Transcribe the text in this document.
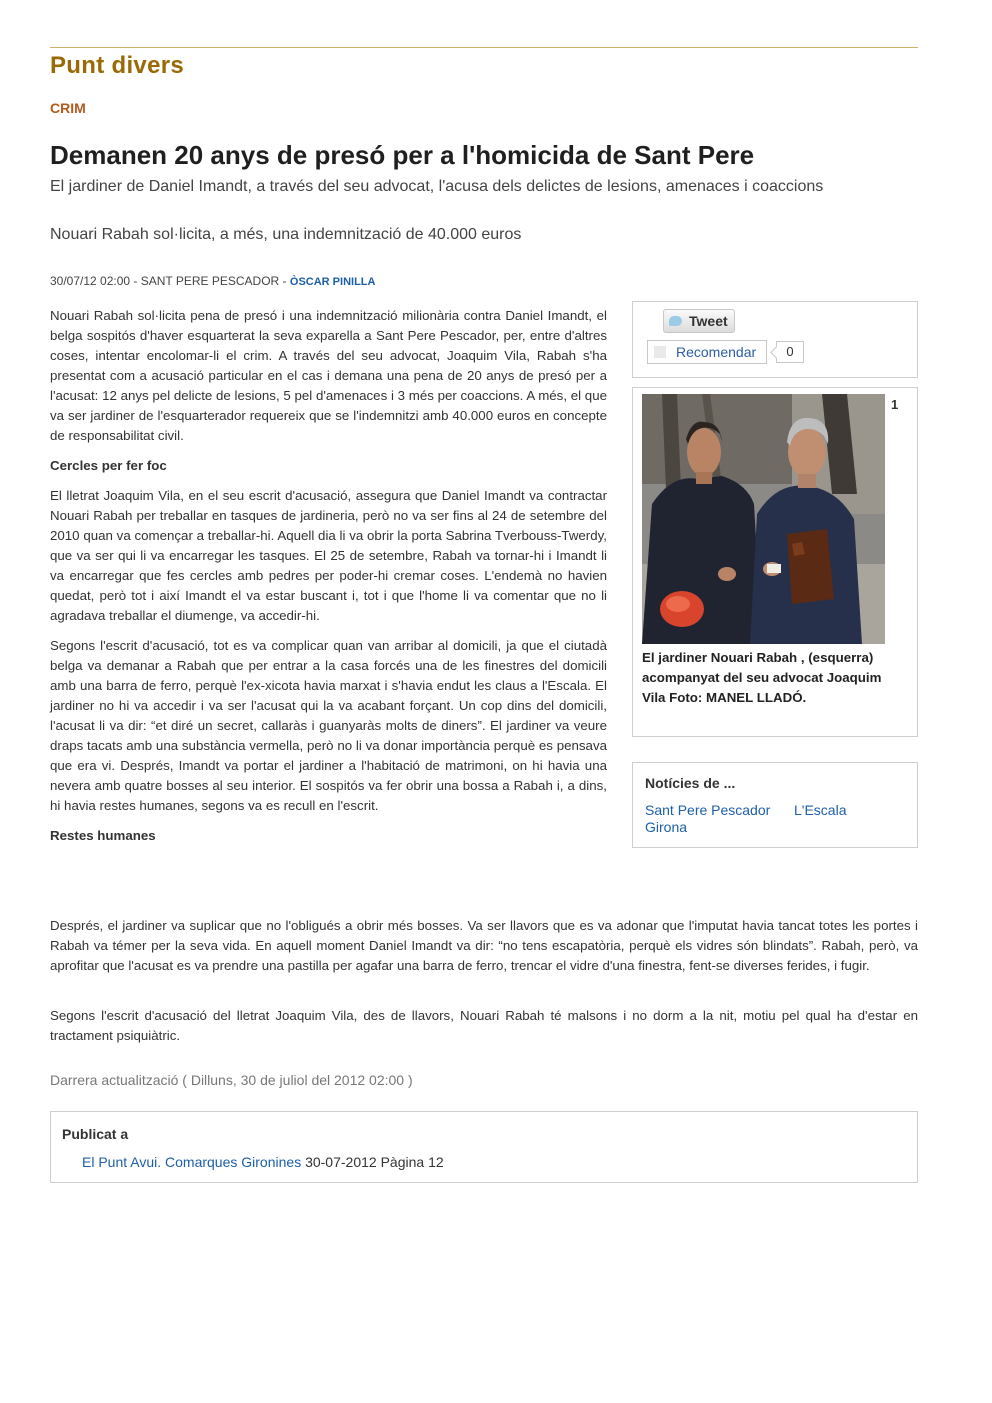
Punt divers
CRIM
Demanen 20 anys de presó per a l'homicida de Sant Pere
El jardiner de Daniel Imandt, a través del seu advocat, l'acusa dels delictes de lesions, amenaces i coaccions
Nouari Rabah sol·licita, a més, una indemnització de 40.000 euros
30/07/12 02:00 - SANT PERE PESCADOR - ÒSCAR PINILLA

Nouari Rabah sol·licita pena de presó i una indemnització milionària contra Daniel Imandt, el belga sospitós d'haver esquarterat la seva exparella a Sant Pere Pescador, per, entre d'altres coses, intentar encolomar-li el crim. A través del seu advocat, Joaquim Vila, Rabah s'ha presentat com a acusació particular en el cas i demana una pena de 20 anys de presó per a l'acusat: 12 anys pel delicte de lesions, 5 pel d'amenaces i 3 més per coaccions. A més, el que va ser jardiner de l'esquarterador requereix que se l'indemnitzi amb 40.000 euros en concepte de responsabilitat civil.

Cercles per fer foc

El lletrat Joaquim Vila, en el seu escrit d'acusació, assegura que Daniel Imandt va contractar Nouari Rabah per treballar en tasques de jardineria, però no va ser fins al 24 de setembre del 2010 quan va començar a treballar-hi. Aquell dia li va obrir la porta Sabrina Tverbouss-Twerdy, que va ser qui li va encarregar les tasques. El 25 de setembre, Rabah va tornar-hi i Imandt li va encarregar que fes cercles amb pedres per poder-hi cremar coses. L'endemà no havien quedat, però tot i així Imandt el va estar buscant i, tot i que l'home li va comentar que no li agradava treballar el diumenge, va accedir-hi.

Segons l'escrit d'acusació, tot es va complicar quan van arribar al domicili, ja que el ciutadà belga va demanar a Rabah que per entrar a la casa forcés una de les finestres del domicili amb una barra de ferro, perquè l'ex-xicota havia marxat i s'havia endut les claus a l'Escala. El jardiner no hi va accedir i va ser l'acusat qui la va acabant forçant. Un cop dins del domicili, l'acusat li va dir: “et diré un secret, callaràs i guanyaràs molts de diners”. El jardiner va veure draps tacats amb una substància vermella, però no li va donar importància perquè es pensava que era vi. Després, Imandt va portar el jardiner a l'habitació de matrimoni, on hi havia una nevera amb quatre bosses al seu interior. El sospitós va fer obrir una bossa a Rabah i, a dins, hi havia restes humanes, segons va es recull en l'escrit.

Restes humanes

Després, el jardiner va suplicar que no l'obligués a obrir més bosses. Va ser llavors que es va adonar que l'imputat havia tancat totes les portes i Rabah va témer per la seva vida. En aquell moment Daniel Imandt va dir: “no tens escapatòria, perquè els vidres són blindats”. Rabah, però, va aprofitar que l'acusat es va prendre una pastilla per agafar una barra de ferro, trencar el vidre d'una finestra, fent-se diverses ferides, i fugir.

Segons l'escrit d'acusació del lletrat Joaquim Vila, des de llavors, Nouari Rabah té malsons i no dorm a la nit, motiu pel qual ha d'estar en tractament psiquiàtric.

Tweet
Recomendar	0
1
El jardiner Nouari Rabah , (esquerra) acompanyat del seu advocat Joaquim Vila Foto: MANEL LLADÓ.
Notícies de ...
Sant Pere Pescador L'Escala
Girona
Darrera actualització ( Dilluns, 30 de juliol del 2012 02:00 )
Publicat a
El Punt Avui. Comarques Gironines 30-07-2012 Pàgina 12
